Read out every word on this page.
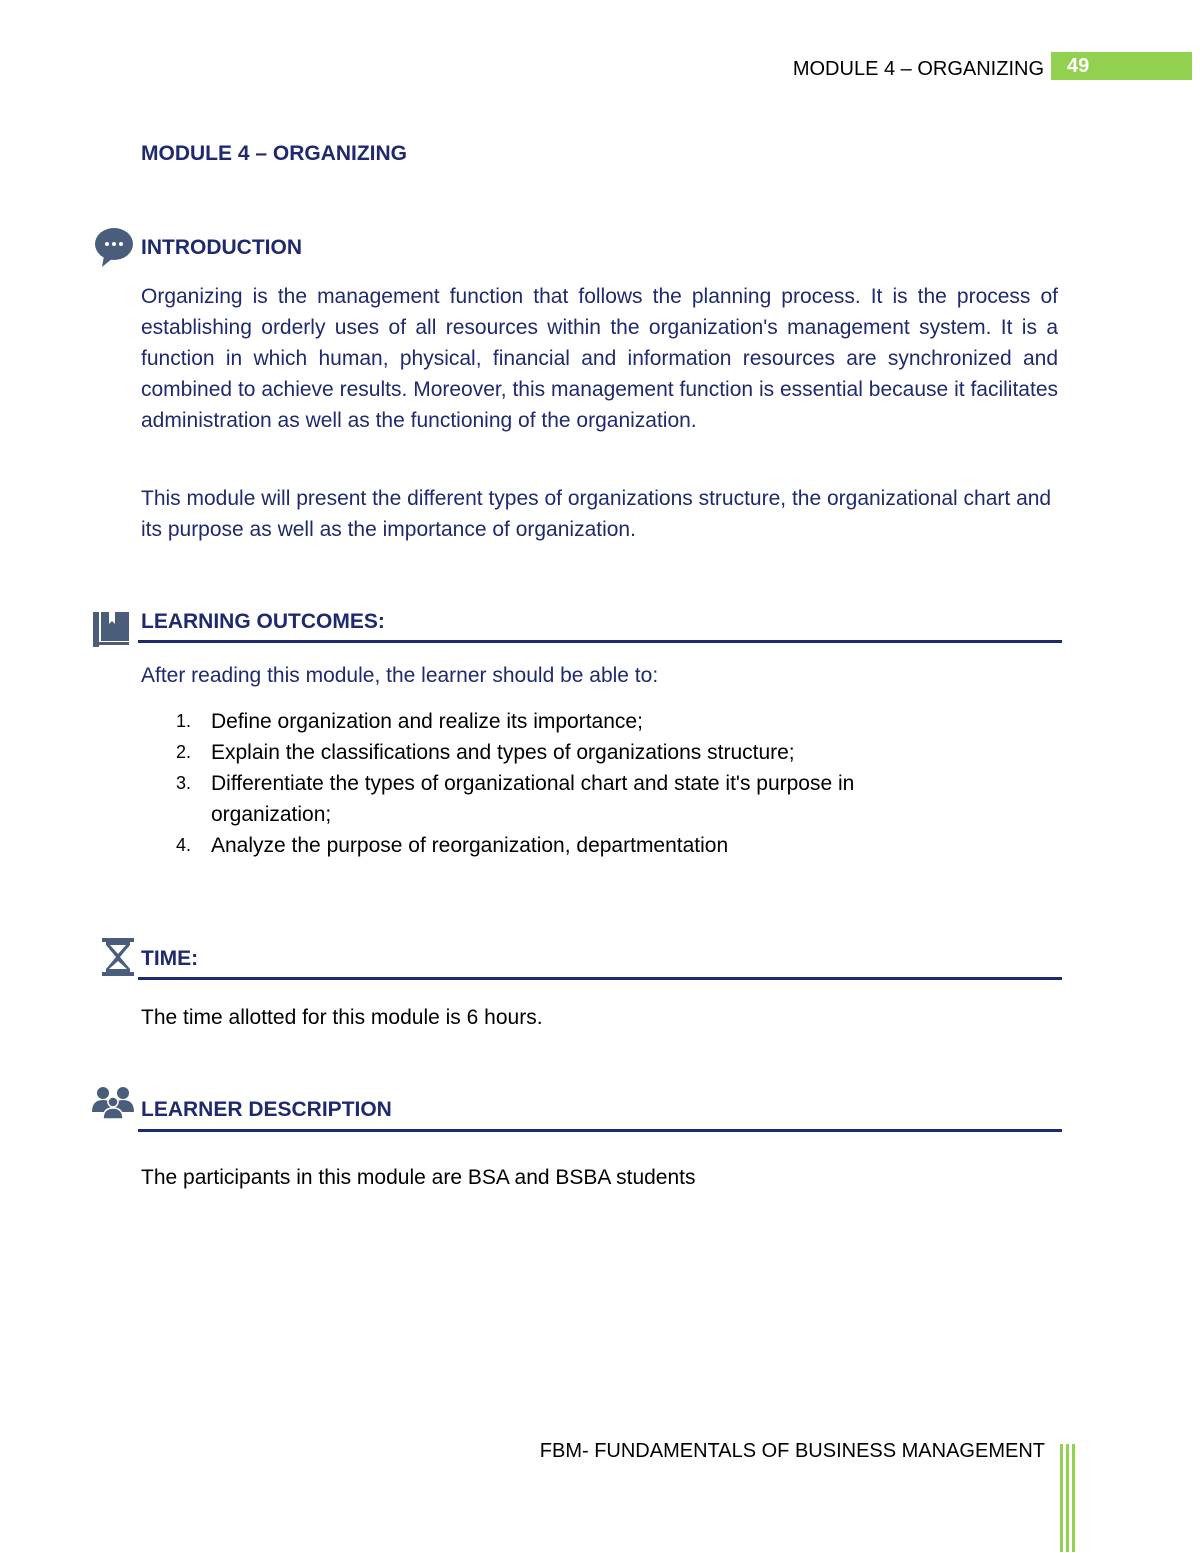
MODULE 4 – ORGANIZING	49
MODULE 4 – ORGANIZING
INTRODUCTION

Organizing is the management function that follows the planning process. It is the process of establishing orderly uses of all resources within the organization's management system. It is a function in which human, physical, financial and information resources are synchronized and combined to achieve results. Moreover, this management function is essential because it facilitates administration as well as the functioning of the organization.

This module will present the different types of organizations structure, the organizational chart and its purpose as well as the importance of organization.

LEARNING OUTCOMES:

After reading this module, the learner should be able to:

1. Define organization and realize its importance;
2. Explain the classifications and types of organizations structure;
3. Differentiate the types of organizational chart and state it's purpose in organization;
4. Analyze the purpose of reorganization, departmentation
TIME:

The time allotted for this module is 6 hours.

LEARNER DESCRIPTION

The participants in this module are BSA and BSBA students

FBM- FUNDAMENTALS OF BUSINESS MANAGEMENT
